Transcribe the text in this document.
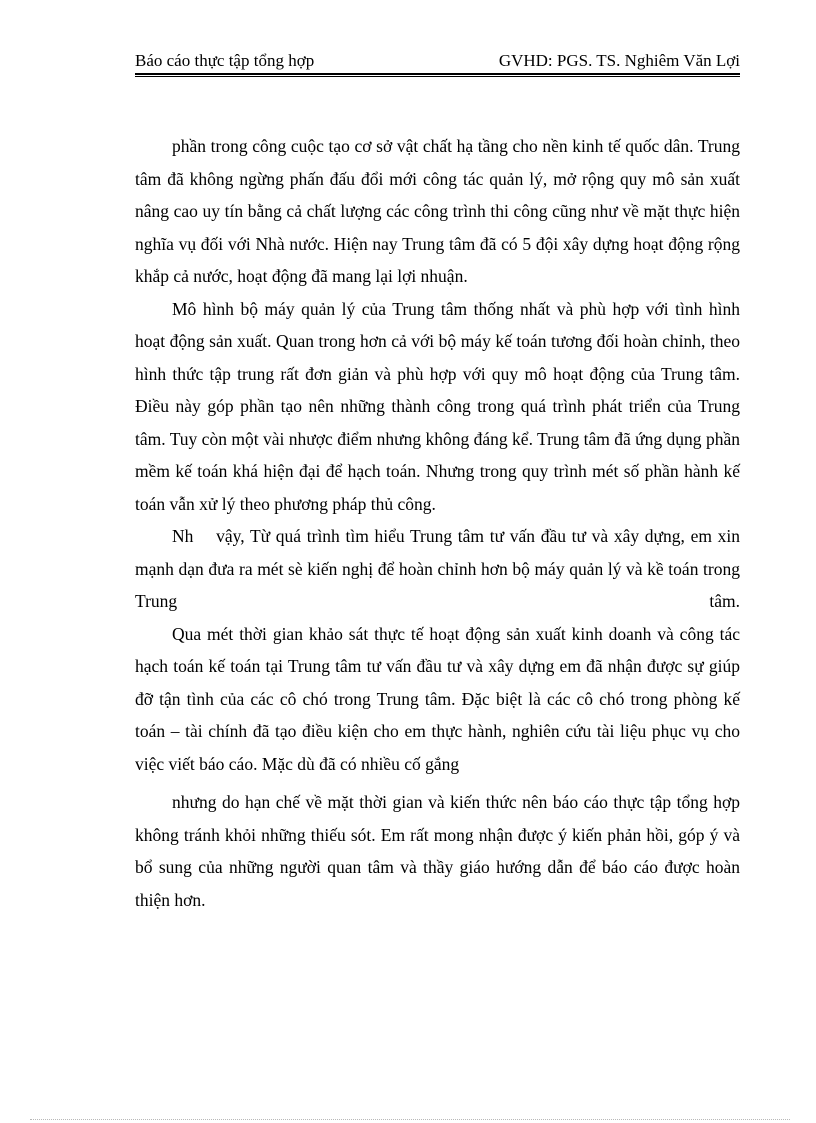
Báo cáo thực tập tổng hợp	GVHD: PGS. TS. Nghiêm Văn Lợi

phần trong công cuộc tạo cơ sở vật chất hạ tầng cho nền kinh tế quốc dân. Trung tâm đã không ngừng phấn đấu đổi mới công tác quản lý, mở rộng quy mô sản xuất nâng cao uy tín bằng cả chất lượng các công trình thi công cũng như về mặt thực hiện nghĩa vụ đối với Nhà nước. Hiện nay Trung tâm đã có 5 đội xây dựng hoạt động rộng khắp cả nước, hoạt động đã mang lại lợi nhuận.

Mô hình bộ máy quản lý của Trung tâm thống nhất và phù hợp với tình hình hoạt động sản xuất. Quan trong hơn cả với bộ máy kế toán tương đối hoàn chỉnh, theo hình thức tập trung rất đơn giản và phù hợp với quy mô hoạt động của Trung tâm. Điều này góp phần tạo nên những thành công trong quá trình phát triển của Trung tâm. Tuy còn một vài nhược điểm nhưng không đáng kể. Trung tâm đã ứng dụng phần mềm kế toán khá hiện đại để hạch toán. Nhưng trong quy trình mét số phần hành kế toán vẫn xử lý theo phương pháp thủ công.

Nh    vậy, Từ quá trình tìm hiểu Trung tâm tư vấn đầu tư và xây dựng, em xin mạnh dạn đưa ra mét sè kiến nghị để hoàn chỉnh hơn bộ máy quản lý và kề toán trong Trung tâm.

Qua mét thời gian khảo sát thực tế hoạt động sản xuất kinh doanh và công tác hạch toán kế toán tại Trung tâm tư vấn đầu tư và xây dựng em đã nhận được sự giúp đỡ tận tình của các cô chó trong Trung tâm. Đặc biệt là các cô chó trong phòng kế toán – tài chính đã tạo điều kiện cho em thực hành, nghiên cứu tài liệu phục vụ cho việc viết báo cáo. Mặc dù đã có nhiều cố gắng

nhưng do hạn chế về mặt thời gian và kiến thức nên báo cáo thực tập tổng hợp không tránh khỏi những thiếu sót. Em rất mong nhận được ý kiến phản hồi, góp ý và bổ sung của những người quan tâm và thầy giáo hướng dẫn để báo cáo được hoàn thiện hơn.
